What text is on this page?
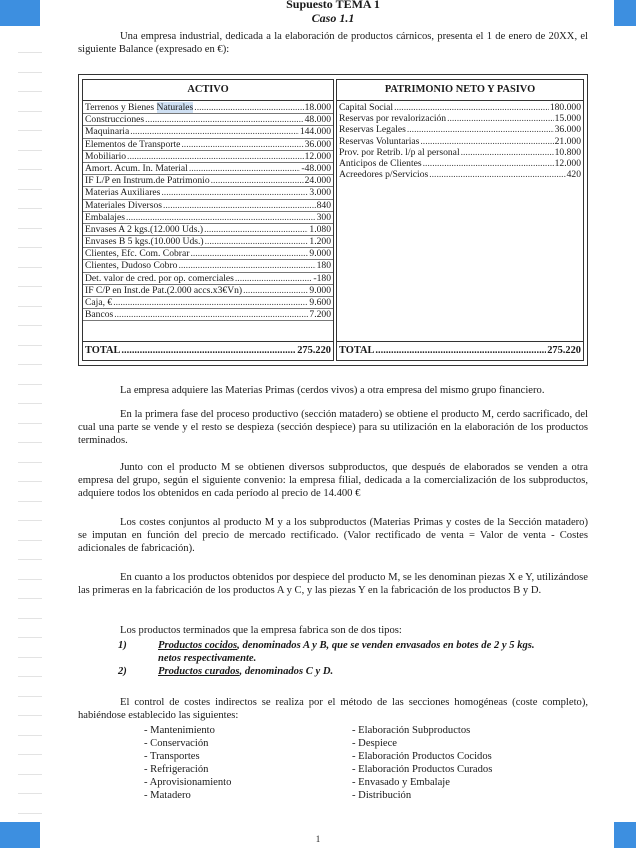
Supuesto TEMA 1
Caso 1.1
Una empresa industrial, dedicada a la elaboración de productos cárnicos, presenta el 1 de enero de 20XX, el siguiente Balance (expresado en €):
ACTIVO
Terrenos y Bienes Naturales .....	18.000
Construcciones .....	48.000
Maquinaria .....	144.000
Elementos de Transporte .....	36.000
Mobiliario .....	12.000
Amort. Acum. In. Material .....	-48.000
IF L/P en Instrum.de Patrimonio .....	24.000
Materias Auxiliares .....	3.000
Materiales Diversos .....	840
Embalajes .....	300
Envases A 2 kgs.(12.000 Uds.) .....	1.080
Envases B 5 kgs.(10.000 Uds.) .....	1.200
Clientes, Efc. Com. Cobrar .....	9.000
Clientes, Dudoso Cobro .....	180
Det. valor de cred. por op. comerciales .....	-180
IF C/P en Inst.de Pat.(2.000 accs.x3€Vn) .....	9.000
Caja, € .....	9.600
Bancos .....	7.200
TOTAL .....	275.220
PATRIMONIO NETO Y PASIVO
Capital Social .....	180.000
Reservas por revalorización .....	15.000
Reservas Legales .....	36.000
Reservas Voluntarias .....	21.000
Prov. por Retrib. l/p al personal .....	10.800
Anticipos de Clientes .....	12.000
Acreedores p/Servicios .....	420
TOTAL .....	275.220
La empresa adquiere las Materias Primas (cerdos vivos) a otra empresa del mismo grupo financiero.
En la primera fase del proceso productivo (sección matadero) se obtiene el producto M, cerdo sacrificado, del cual una parte se vende y el resto se despieza (sección despiece) para su utilización en la elaboración de los productos terminados.
Junto con el producto M se obtienen diversos subproductos, que después de elaborados se venden a otra empresa del grupo, según el siguiente convenio: la empresa filial, dedicada a la comercialización de los subproductos, adquiere todos los obtenidos en cada período al precio de 14.400 €
Los costes conjuntos al producto M y a los subproductos (Materias Primas y costes de la Sección matadero) se imputan en función del precio de mercado rectificado. (Valor rectificado de venta = Valor de venta - Costes adicionales de fabricación).
En cuanto a los productos obtenidos por despiece del producto M, se les denominan piezas X e Y, utilizándose las primeras en la fabricación de los productos A y C, y las piezas Y en la fabricación de los productos B y D.
Los productos terminados que la empresa fabrica son de dos tipos:
1)	Productos cocidos, denominados A y B, que se venden envasados en botes de 2 y 5 kgs.
netos respectivamente.
2)	Productos curados, denominados C y D.
El control de costes indirectos se realiza por el método de las secciones homogéneas (coste completo), habiéndose establecido las siguientes:
- Mantenimiento	- Elaboración Subproductos
- Conservación	- Despiece
- Transportes	- Elaboración Productos Cocidos
- Refrigeración	- Elaboración Productos Curados
- Aprovisionamiento	- Envasado y Embalaje
- Matadero	- Distribución
1
